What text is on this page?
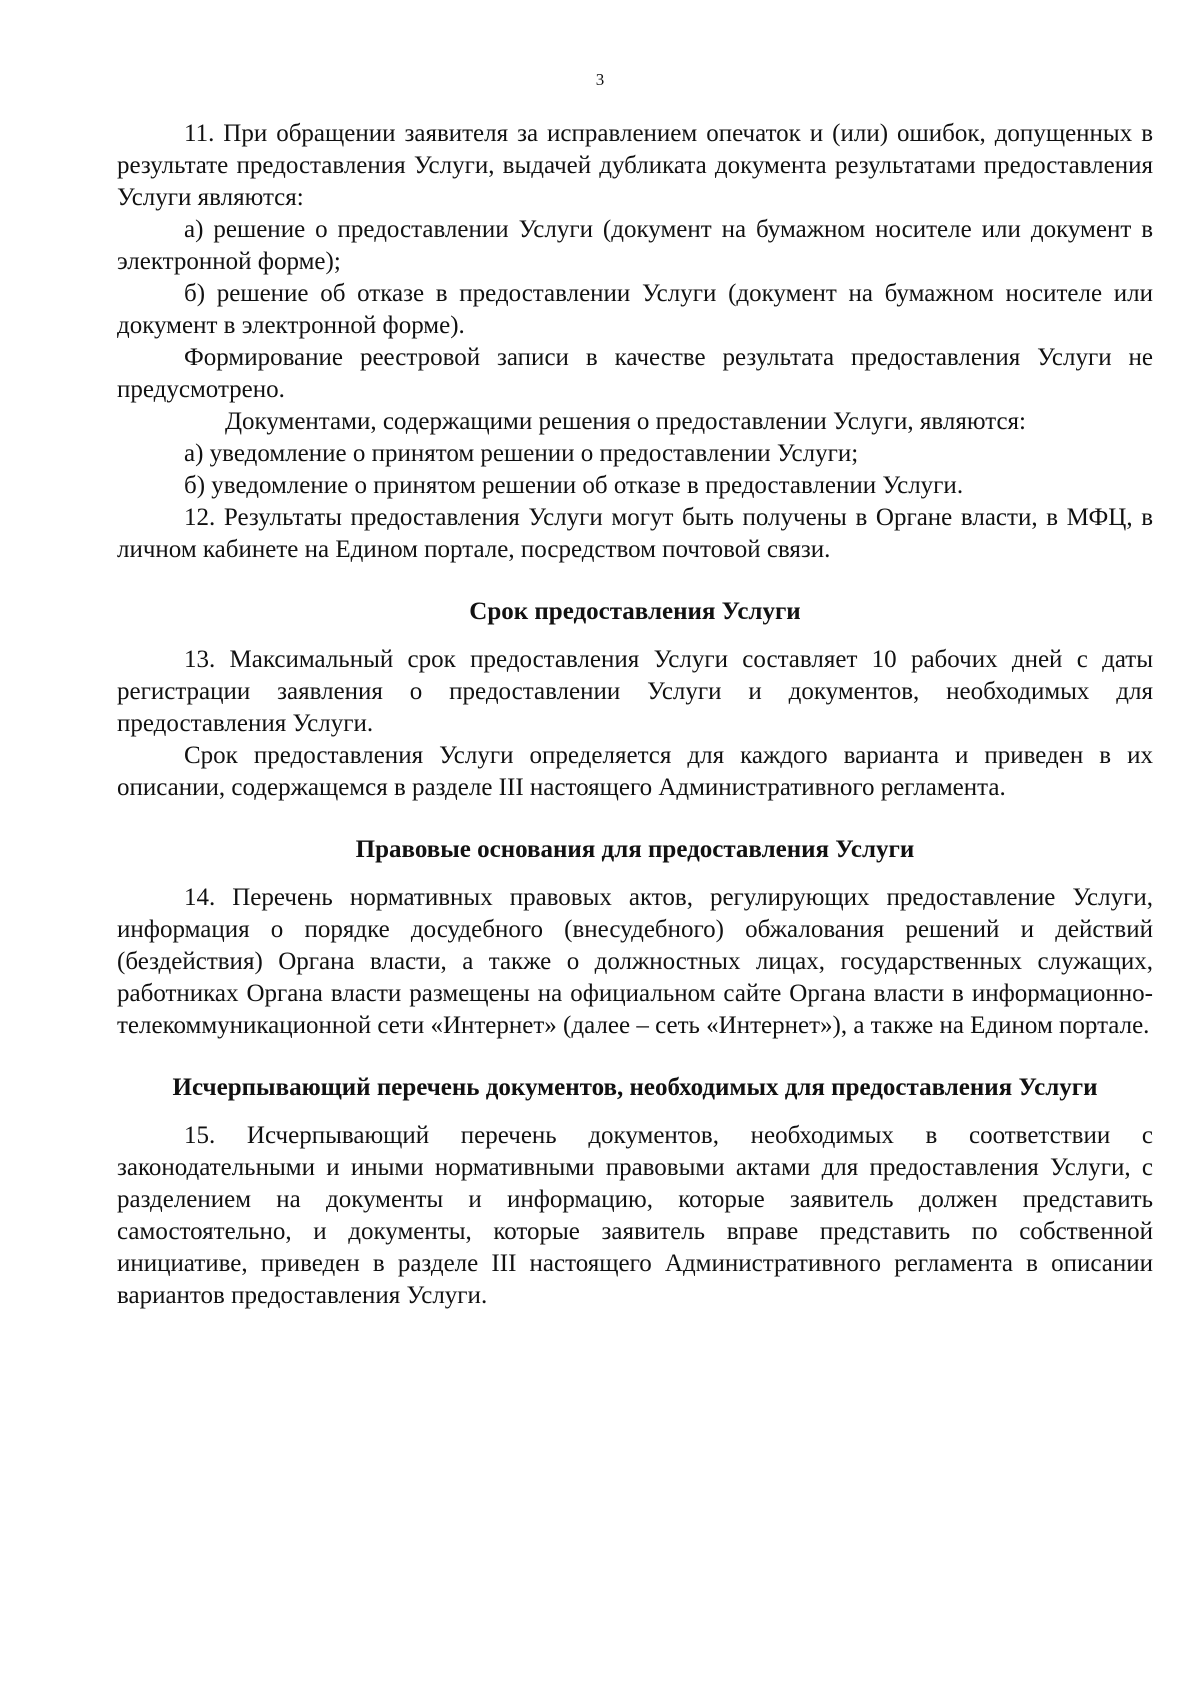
3

11. При обращении заявителя за исправлением опечаток и (или) ошибок, допущенных в результате предоставления Услуги, выдачей дубликата документа результатами предоставления Услуги являются:

а) решение о предоставлении Услуги (документ на бумажном носителе или документ в электронной форме);

б) решение об отказе в предоставлении Услуги (документ на бумажном носителе или документ в электронной форме).

Формирование реестровой записи в качестве результата предоставления Услуги не предусмотрено.

Документами, содержащими решения о предоставлении Услуги, являются:

а) уведомление о принятом решении о предоставлении Услуги;

б) уведомление о принятом решении об отказе в предоставлении Услуги.

12. Результаты предоставления Услуги могут быть получены в Органе власти, в МФЦ, в личном кабинете на Едином портале, посредством почтовой связи.

Срок предоставления Услуги

13. Максимальный срок предоставления Услуги составляет 10 рабочих дней с даты регистрации заявления о предоставлении Услуги и документов, необходимых для предоставления Услуги.

Срок предоставления Услуги определяется для каждого варианта и приведен в их описании, содержащемся в разделе III настоящего Административного регламента.

Правовые основания для предоставления Услуги

14. Перечень нормативных правовых актов, регулирующих предоставление Услуги, информация о порядке досудебного (внесудебного) обжалования решений и действий (бездействия) Органа власти, а также о должностных лицах, государственных служащих, работниках Органа власти размещены на официальном сайте Органа власти в информационно-телекоммуникационной сети «Интернет» (далее – сеть «Интернет»), а также на Едином портале.

Исчерпывающий перечень документов, необходимых для предоставления Услуги

15. Исчерпывающий перечень документов, необходимых в соответствии с законодательными и иными нормативными правовыми актами для предоставления Услуги, с разделением на документы и информацию, которые заявитель должен представить самостоятельно, и документы, которые заявитель вправе представить по собственной инициативе, приведен в разделе III настоящего Административного регламента в описании вариантов предоставления Услуги.
